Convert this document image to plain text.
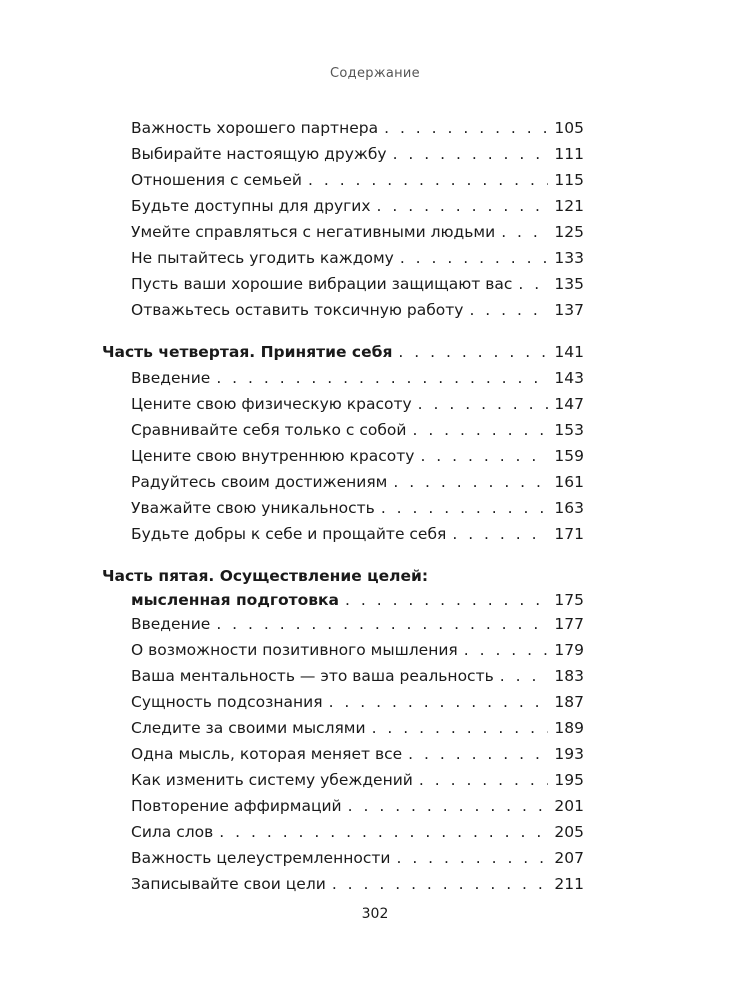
Содержание
Важность хорошего партнера . . .	105
Выбирайте настоящую дружбу . . .	111
Отношения с семьей . . .	115
Будьте доступны для других . . .	121
Умейте справляться с негативными людьми . . .	125
Не пытайтесь угодить каждому . . .	133
Пусть ваши хорошие вибрации защищают вас . . .	135
Отважьтесь оставить токсичную работу . . .	137
Часть четвертая. Принятие себя . . .	141
Введение . . .	143
Цените свою физическую красоту . . .	147
Сравнивайте себя только с собой . . .	153
Цените свою внутреннюю красоту . . .	159
Радуйтесь своим достижениям . . .	161
Уважайте свою уникальность . . .	163
Будьте добры к себе и прощайте себя . . .	171
Часть пятая. Осуществление целей:
мысленная подготовка . . .	175
Введение . . .	177
О возможности позитивного мышления . . .	179
Ваша ментальность — это ваша реальность . . .	183
Сущность подсознания . . .	187
Следите за своими мыслями . . .	189
Одна мысль, которая меняет все . . .	193
Как изменить систему убеждений . . .	195
Повторение аффирмаций . . .	201
Сила слов . . .	205
Важность целеустремленности . . .	207
Записывайте свои цели . . .	211
302
